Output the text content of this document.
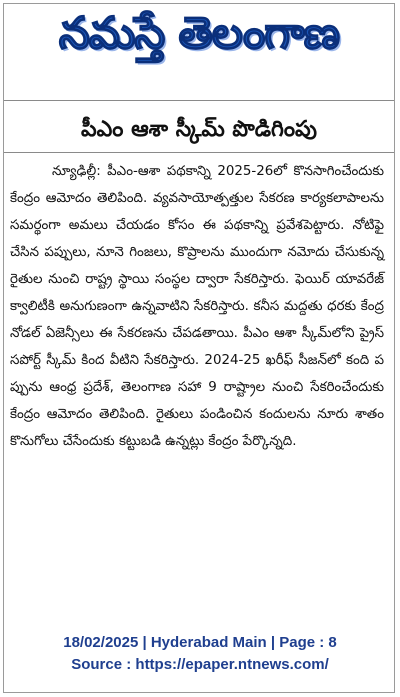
నమస్తే తెలంగాణ
పీఎం ఆశా స్కీమ్ పొడిగింపు
న్యూఢిల్లీ: పీఎం-ఆశా పథకాన్ని 2025-26లో కొనసాగించేందుకు కేంద్రం ఆమోదం తెలిపింది. వ్యవసాయోత్పత్తుల సేకరణ కార్యకలాపాలను సమర్థంగా అమలు చేయడం కోసం ఈ పథకాన్ని ప్రవేశపెట్టారు. నోటిఫై చేసిన పప్పులు, నూనె గింజలు, కొప్రాలను ముందుగా నమోదు చేసుకున్న రైతుల నుంచి రాష్ట్ర స్థాయి సంస్థల ద్వారా సేకరిస్తారు. ఫెయిర్ యావరేజ్ క్వాలిటీకి అనుగుణంగా ఉన్నవాటిని సేకరిస్తారు. కనీస మద్దతు ధరకు కేంద్ర నోడల్ ఏజెన్సీలు ఈ సేకరణను చేపడతాయి. పీఎం ఆశా స్కీమ్‌లోని ప్రైస్ సపోర్ట్ స్కీమ్ కింద వీటిని సేకరిస్తారు. 2024-25 ఖరీఫ్ సీజన్‌లో కంది పప్పును ఆంధ్ర ప్రదేశ్, తెలంగాణ సహా 9 రాష్ట్రాల నుంచి సేకరించేందుకు కేంద్రం ఆమోదం తెలిపింది. రైతులు పండించిన కందులను నూరు శాతం కొనుగోలు చేసేందుకు కట్టుబడి ఉన్నట్లు కేంద్రం పేర్కొన్నది.
18/02/2025 | Hyderabad Main | Page : 8
Source : https://epaper.ntnews.com/
